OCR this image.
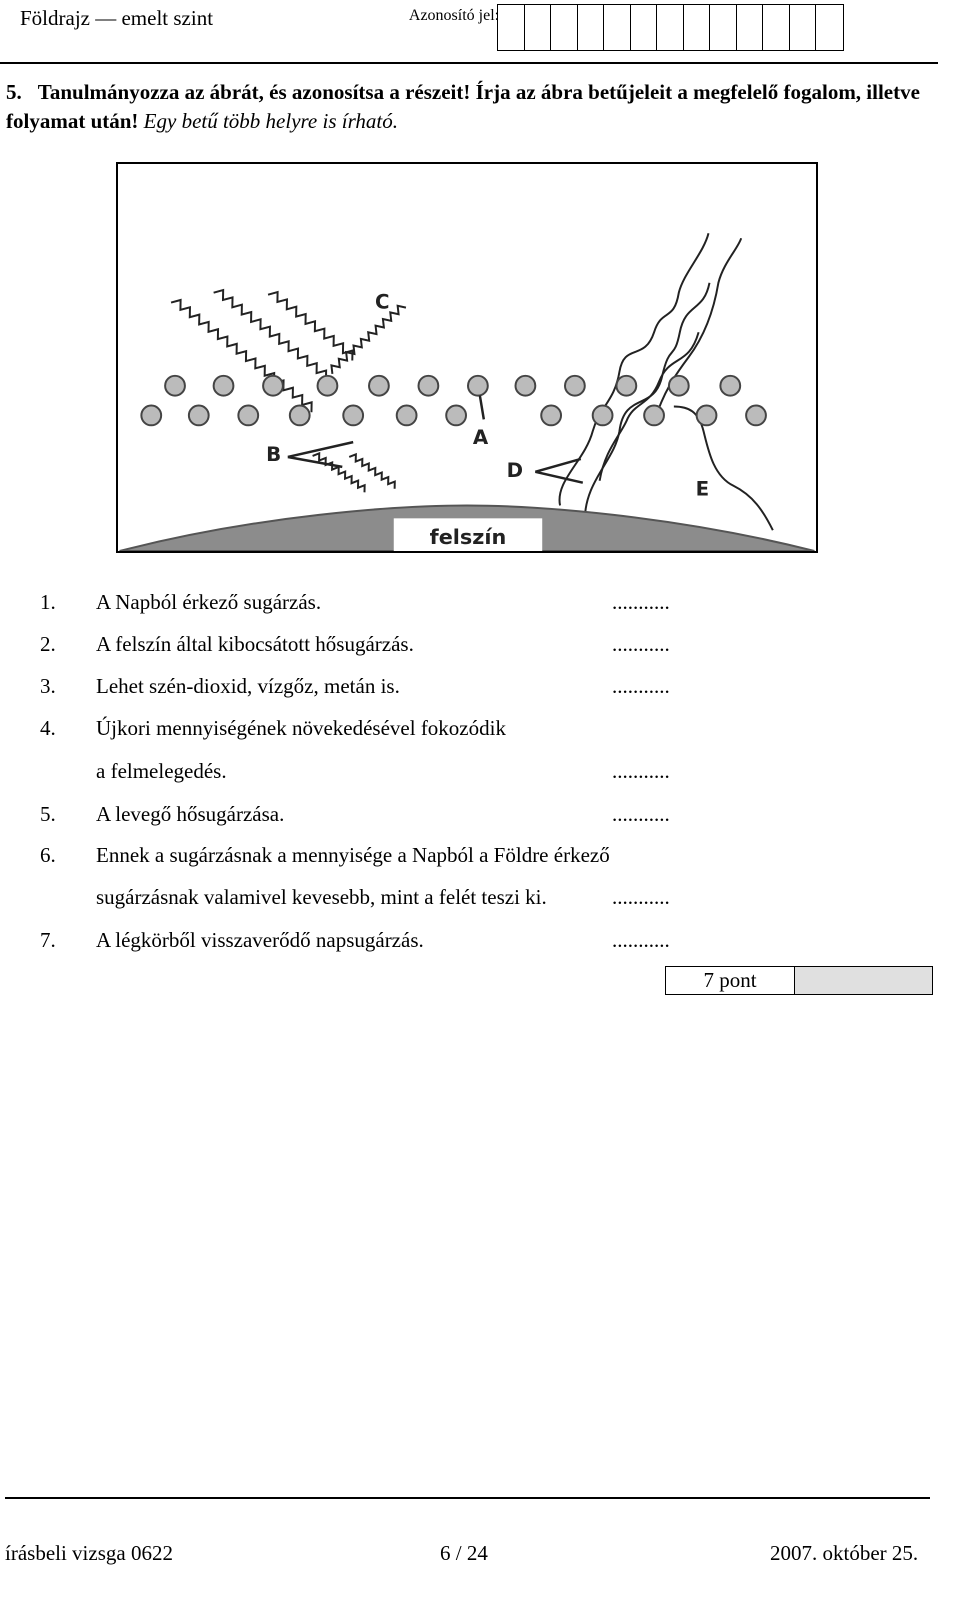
Földrajz — emelt szint	Azonosító jel:
5. Tanulmányozza az ábrát, és azonosítsa a részeit! Írja az ábra betűjeleit a megfelelő fogalom, illetve folyamat után! Egy betű több helyre is írható.
felszín
C
A
B
D
E
1.	A Napból érkező sugárzás.	...........
2.	A felszín által kibocsátott hősugárzás.	...........
3.	Lehet szén-dioxid, vízgőz, metán is.	...........
4.	Újkori mennyiségének növekedésével fokozódik
a felmelegedés.	...........
5.	A levegő hősugárzása.	...........
6.	Ennek a sugárzásnak a mennyisége a Napból a Földre érkező
sugárzásnak valamivel kevesebb, mint a felét teszi ki.	...........
7.	A légkörből visszaverődő napsugárzás.	...........
7 pont
írásbeli vizsga 0622	6 / 24	2007. október 25.
